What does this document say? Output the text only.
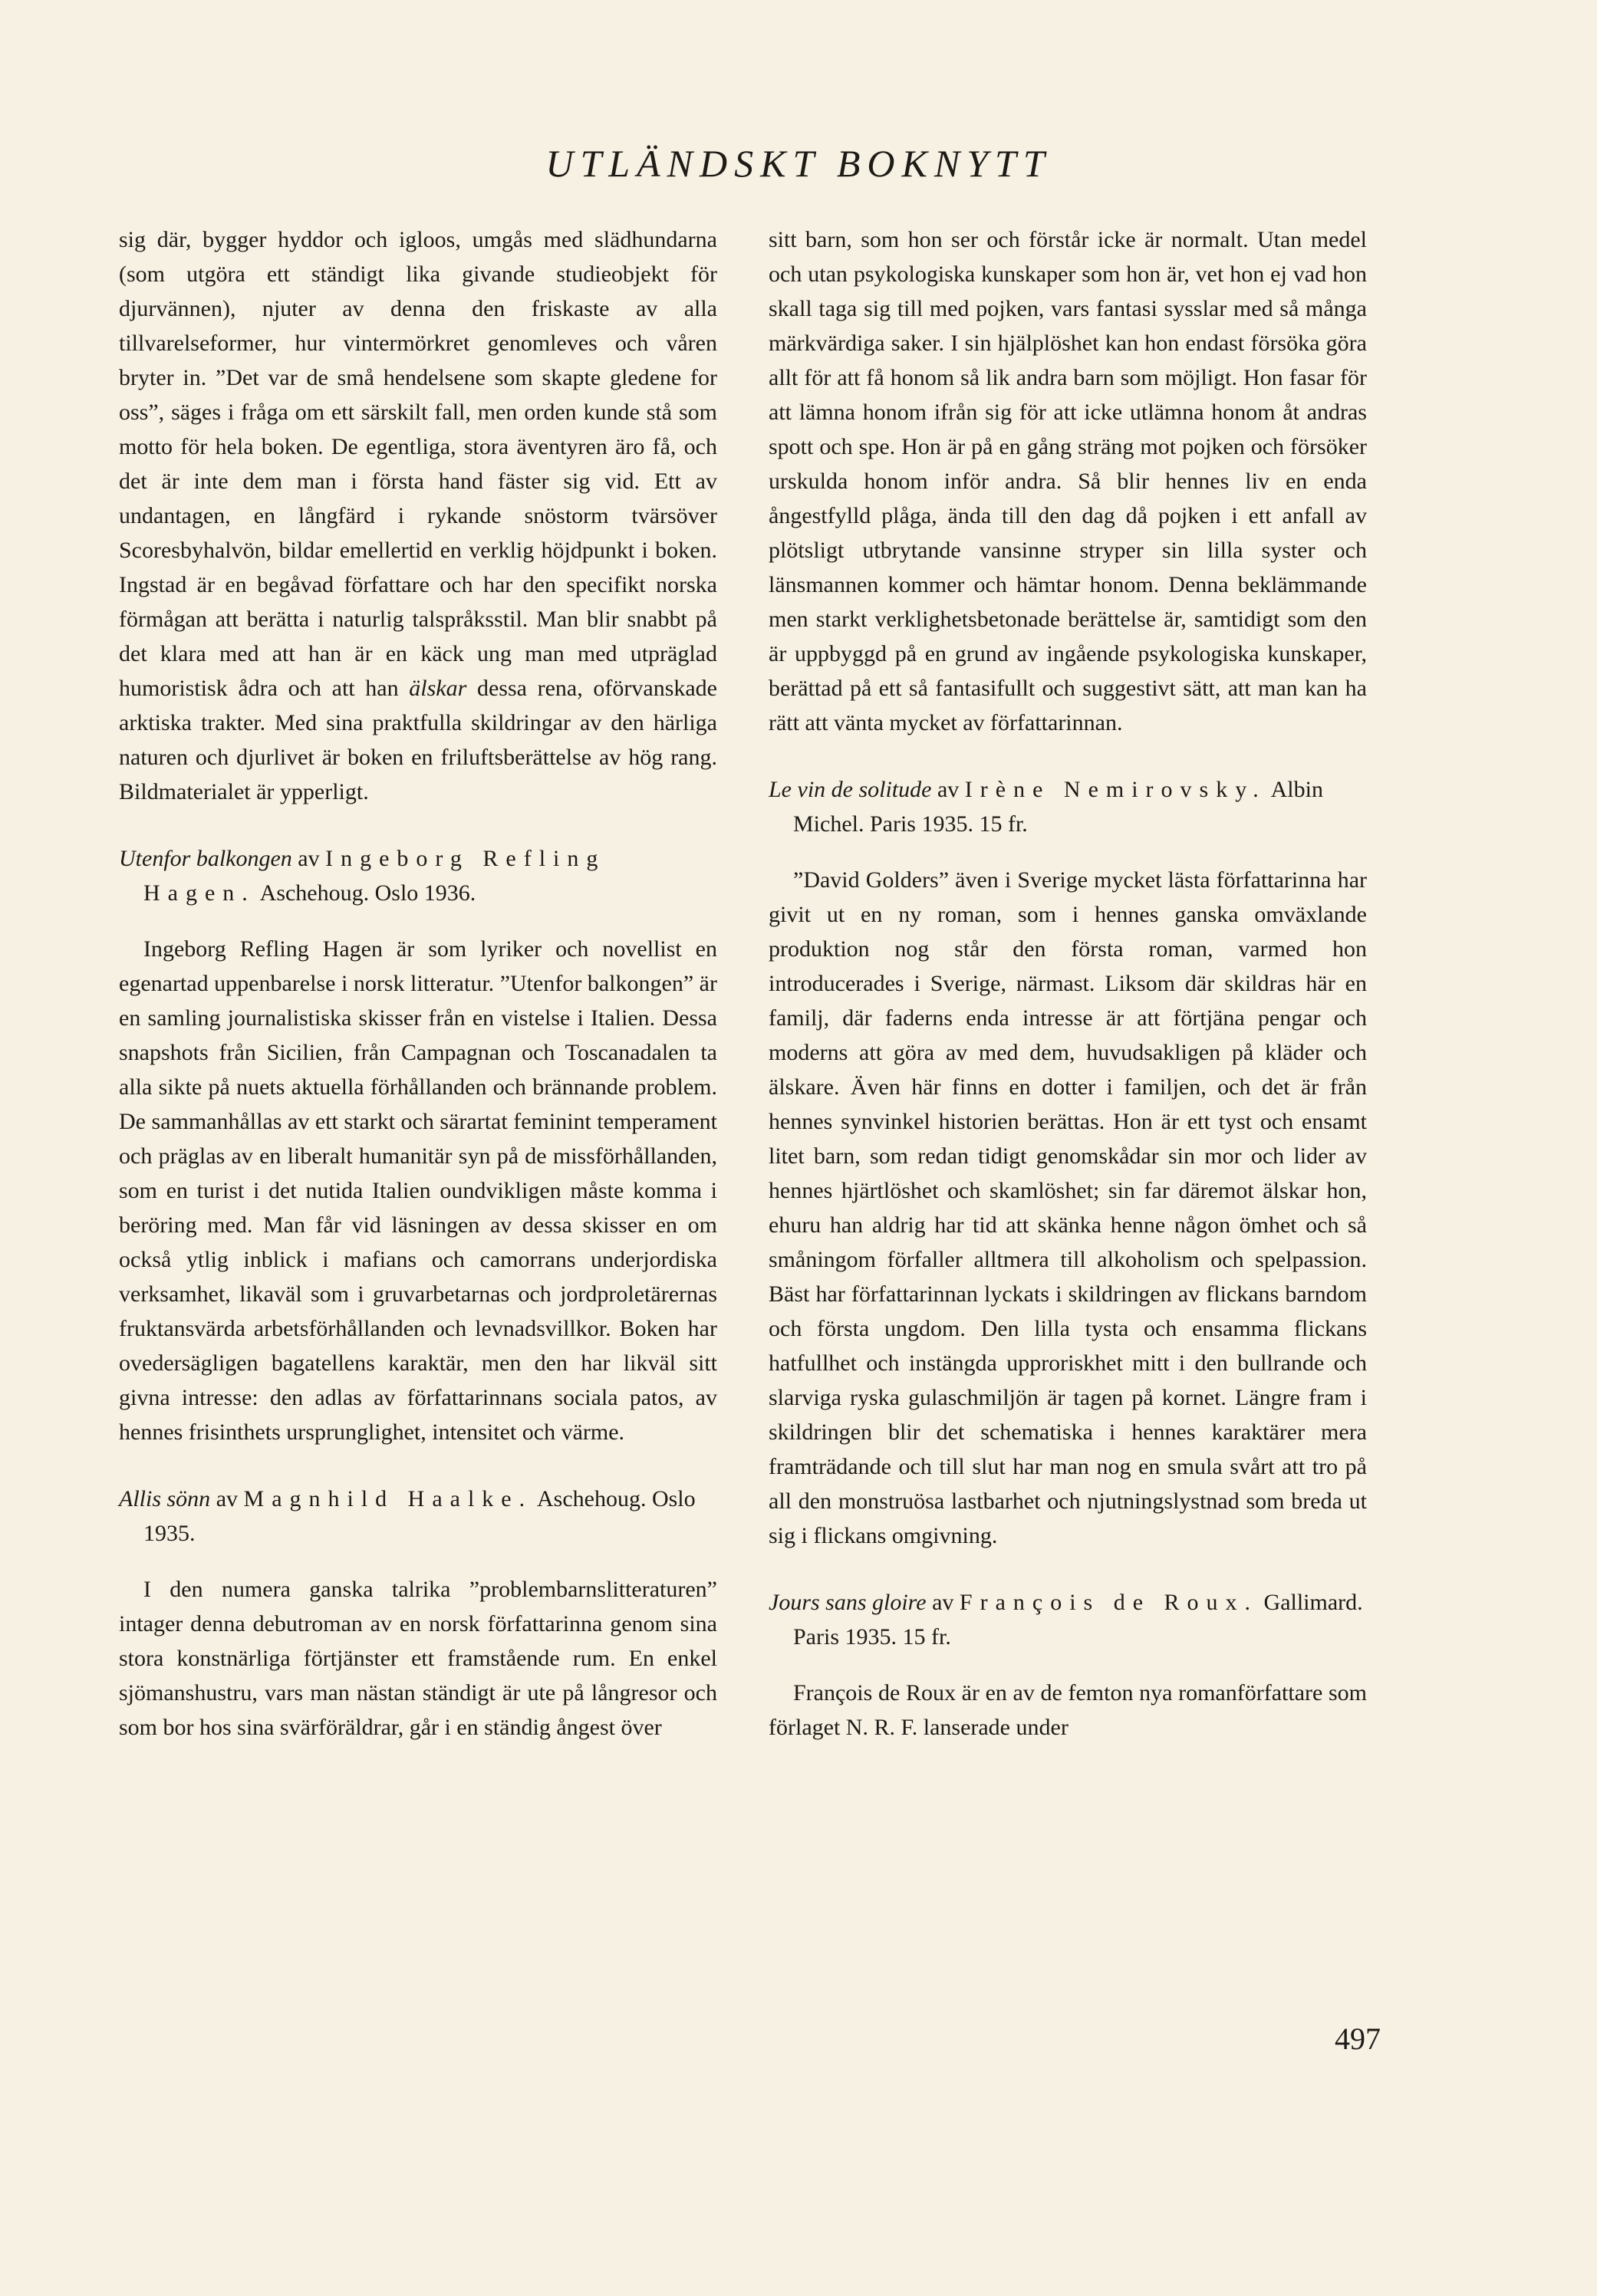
UTLÄNDSKT BOKNYTT

sig där, bygger hyddor och igloos, umgås med slädhundarna (som utgöra ett ständigt lika givande studieobjekt för djurvännen), njuter av denna den friskaste av alla tillvarelseformer, hur vintermörkret genomleves och våren bryter in. ”Det var de små hendelsene som skapte gledene for oss”, säges i fråga om ett särskilt fall, men orden kunde stå som motto för hela boken. De egentliga, stora äventyren äro få, och det är inte dem man i första hand fäster sig vid. Ett av undantagen, en långfärd i rykande snöstorm tvärsöver Scoresbyhalvön, bildar emellertid en verklig höjdpunkt i boken. Ingstad är en begåvad författare och har den specifikt norska förmågan att berätta i naturlig talspråksstil. Man blir snabbt på det klara med att han är en käck ung man med utpräglad humoristisk ådra och att han älskar dessa rena, oförvanskade arktiska trakter. Med sina praktfulla skildringar av den härliga naturen och djurlivet är boken en friluftsberättelse av hög rang. Bildmaterialet är ypperligt.

Utenfor balkongen av Ingeborg Refling Hagen. Aschehoug. Oslo 1936.

Ingeborg Refling Hagen är som lyriker och novellist en egenartad uppenbarelse i norsk litteratur. ”Utenfor balkongen” är en samling journalistiska skisser från en vistelse i Italien. Dessa snapshots från Sicilien, från Campagnan och Toscanadalen ta alla sikte på nuets aktuella förhållanden och brännande problem. De sammanhållas av ett starkt och särartat feminint temperament och präglas av en liberalt humanitär syn på de missförhållanden, som en turist i det nutida Italien oundvikligen måste komma i beröring med. Man får vid läsningen av dessa skisser en om också ytlig inblick i mafians och camorrans underjordiska verksamhet, likaväl som i gruvarbetarnas och jordproletärernas fruktansvärda arbetsförhållanden och levnadsvillkor. Boken har ovedersägligen bagatellens karaktär, men den har likväl sitt givna intresse: den adlas av författarinnans sociala patos, av hennes frisinthets ursprunglighet, intensitet och värme.

Allis sönn av Magnhild Haalke. Aschehoug. Oslo 1935.

I den numera ganska talrika ”problembarnslitteraturen” intager denna debutroman av en norsk författarinna genom sina stora konstnärliga förtjänster ett framstående rum. En enkel sjömanshustru, vars man nästan ständigt är ute på långresor och som bor hos sina svärföräldrar, går i en ständig ångest över

sitt barn, som hon ser och förstår icke är normalt. Utan medel och utan psykologiska kunskaper som hon är, vet hon ej vad hon skall taga sig till med pojken, vars fantasi sysslar med så många märkvärdiga saker. I sin hjälplöshet kan hon endast försöka göra allt för att få honom så lik andra barn som möjligt. Hon fasar för att lämna honom ifrån sig för att icke utlämna honom åt andras spott och spe. Hon är på en gång sträng mot pojken och försöker urskulda honom inför andra. Så blir hennes liv en enda ångestfylld plåga, ända till den dag då pojken i ett anfall av plötsligt utbrytande vansinne stryper sin lilla syster och länsmannen kommer och hämtar honom. Denna beklämmande men starkt verklighetsbetonade berättelse är, samtidigt som den är uppbyggd på en grund av ingående psykologiska kunskaper, berättad på ett så fantasifullt och suggestivt sätt, att man kan ha rätt att vänta mycket av författarinnan.

Le vin de solitude av Irène Nemirovsky. Albin Michel. Paris 1935. 15 fr.

”David Golders” även i Sverige mycket lästa författarinna har givit ut en ny roman, som i hennes ganska omväxlande produktion nog står den första roman, varmed hon introducerades i Sverige, närmast. Liksom där skildras här en familj, där faderns enda intresse är att förtjäna pengar och moderns att göra av med dem, huvudsakligen på kläder och älskare. Även här finns en dotter i familjen, och det är från hennes synvinkel historien berättas. Hon är ett tyst och ensamt litet barn, som redan tidigt genomskådar sin mor och lider av hennes hjärtlöshet och skamlöshet; sin far däremot älskar hon, ehuru han aldrig har tid att skänka henne någon ömhet och så småningom förfaller alltmera till alkoholism och spelpassion. Bäst har författarinnan lyckats i skildringen av flickans barndom och första ungdom. Den lilla tysta och ensamma flickans hatfullhet och instängda upproriskhet mitt i den bullrande och slarviga ryska gulaschmiljön är tagen på kornet. Längre fram i skildringen blir det schematiska i hennes karaktärer mera framträdande och till slut har man nog en smula svårt att tro på all den monstruösa lastbarhet och njutningslystnad som breda ut sig i flickans omgivning.

Jours sans gloire av François de Roux. Gallimard. Paris 1935. 15 fr.

François de Roux är en av de femton nya romanförfattare som förlaget N. R. F. lanserade under

497
